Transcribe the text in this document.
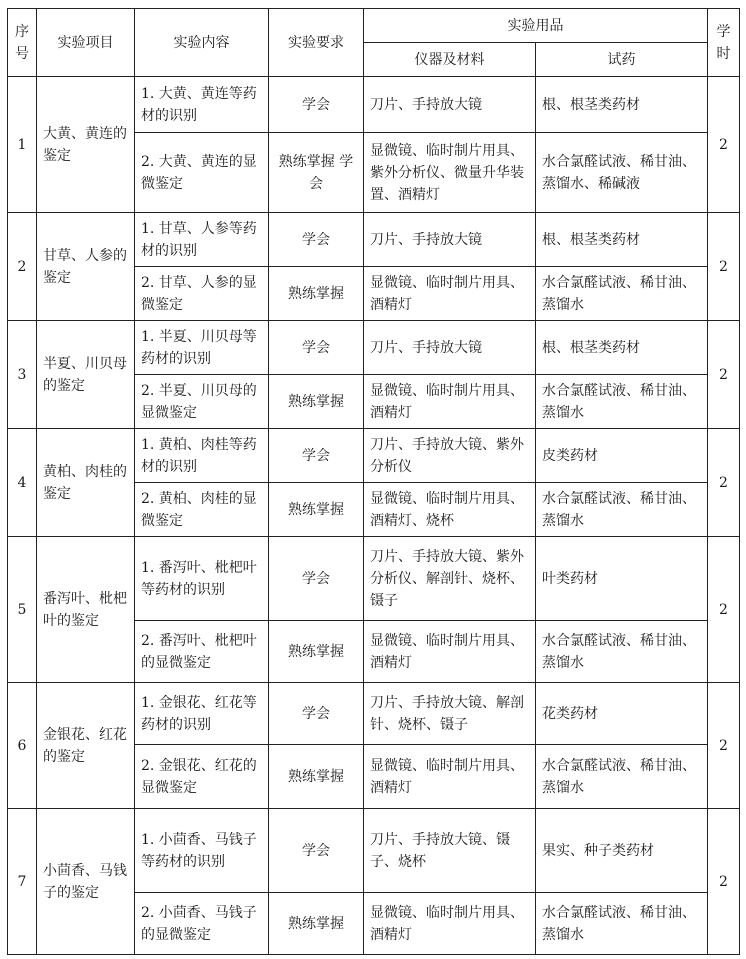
序号	实验项目	实验内容	实验要求	实验用品		学时
				仪器及材料	试药	
1	大黄、黄连的鉴定	1. 大黄、黄连等药材的识别	学会	刀片、手持放大镜	根、根茎类药材	2
		2. 大黄、黄连的显微鉴定	熟练掌握 学会	显微镜、临时制片用具、紫外分析仪、微量升华装置、酒精灯	水合氯醛试液、稀甘油、蒸馏水、稀碱液	
2	甘草、人参的鉴定	1. 甘草、人参等药材的识别	学会	刀片、手持放大镜	根、根茎类药材	2
		2. 甘草、人参的显微鉴定	熟练掌握	显微镜、临时制片用具、酒精灯	水合氯醛试液、稀甘油、蒸馏水	
3	半夏、川贝母的鉴定	1. 半夏、川贝母等药材的识别	学会	刀片、手持放大镜	根、根茎类药材	2
		2. 半夏、川贝母的显微鉴定	熟练掌握	显微镜、临时制片用具、酒精灯	水合氯醛试液、稀甘油、蒸馏水	
4	黄柏、肉桂的鉴定	1. 黄柏、肉桂等药材的识别	学会	刀片、手持放大镜、紫外分析仪	皮类药材	2
		2. 黄柏、肉桂的显微鉴定	熟练掌握	显微镜、临时制片用具、酒精灯、烧杯	水合氯醛试液、稀甘油、蒸馏水	
5	番泻叶、枇杷叶的鉴定	1. 番泻叶、枇杷叶等药材的识别	学会	刀片、手持放大镜、紫外分析仪、解剖针、烧杯、镊子	叶类药材	2
		2. 番泻叶、枇杷叶的显微鉴定	熟练掌握	显微镜、临时制片用具、酒精灯	水合氯醛试液、稀甘油、蒸馏水	
6	金银花、红花的鉴定	1. 金银花、红花等药材的识别	学会	刀片、手持放大镜、解剖针、烧杯、镊子	花类药材	2
		2. 金银花、红花的显微鉴定	熟练掌握	显微镜、临时制片用具、酒精灯	水合氯醛试液、稀甘油、蒸馏水	
7	小茴香、马钱子的鉴定	1. 小茴香、马钱子等药材的识别	学会	刀片、手持放大镜、镊子、烧杯	果实、种子类药材	2
		2. 小茴香、马钱子的显微鉴定	熟练掌握	显微镜、临时制片用具、酒精灯	水合氯醛试液、稀甘油、蒸馏水	
